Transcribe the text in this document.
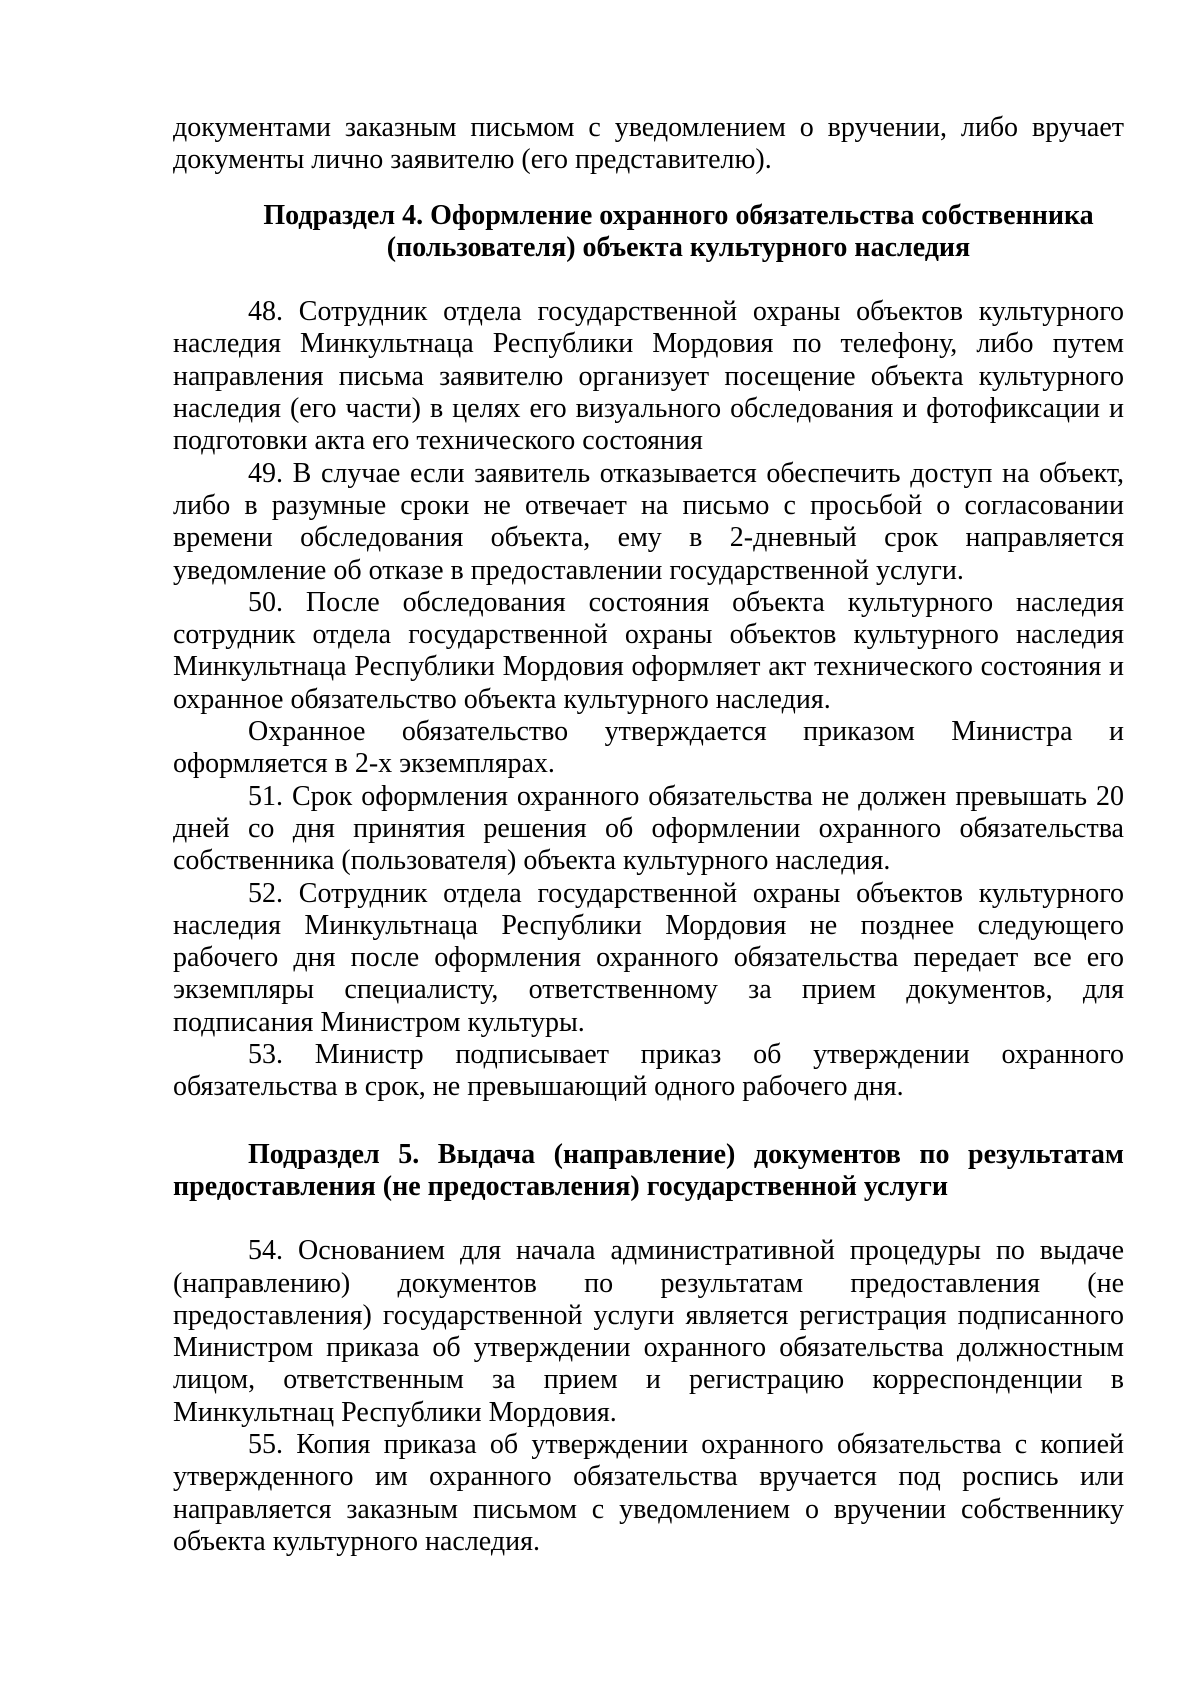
документами заказным письмом с уведомлением о вручении, либо вручает документы лично заявителю (его представителю).

Подраздел 4. Оформление охранного обязательства собственника (пользователя) объекта культурного наследия

48. Сотрудник отдела государственной охраны объектов культурного наследия Минкультнаца Республики Мордовия по телефону, либо путем направления письма заявителю организует посещение объекта культурного наследия (его части) в целях его визуального обследования и фотофиксации и подготовки акта его технического состояния

49. В случае если заявитель отказывается обеспечить доступ на объект, либо в разумные сроки не отвечает на письмо с просьбой о согласовании времени обследования объекта, ему в 2-дневный срок направляется уведомление об отказе в предоставлении государственной услуги.

50. После обследования состояния объекта культурного наследия сотрудник отдела государственной охраны объектов культурного наследия Минкультнаца Республики Мордовия оформляет акт технического состояния и охранное обязательство объекта культурного наследия.

Охранное обязательство утверждается приказом Министра и оформляется в 2-х экземплярах.

51. Срок оформления охранного обязательства не должен превышать 20 дней со дня принятия решения об оформлении охранного обязательства собственника (пользователя) объекта культурного наследия.

52. Сотрудник отдела государственной охраны объектов культурного наследия Минкультнаца Республики Мордовия не позднее следующего рабочего дня после оформления охранного обязательства передает все его экземпляры специалисту, ответственному за прием документов, для подписания Министром культуры.

53. Министр подписывает приказ об утверждении охранного обязательства в срок, не превышающий одного рабочего дня.

Подраздел 5. Выдача (направление) документов по результатам предоставления (не предоставления) государственной услуги

54. Основанием для начала административной процедуры по выдаче (направлению) документов по результатам предоставления (не предоставления) государственной услуги является регистрация подписанного Министром приказа об утверждении охранного обязательства должностным лицом, ответственным за прием и регистрацию корреспонденции в Минкультнац Республики Мордовия.

55. Копия приказа об утверждении охранного обязательства с копией утвержденного им охранного обязательства вручается под роспись или направляется заказным письмом с уведомлением о вручении собственнику объекта культурного наследия.
